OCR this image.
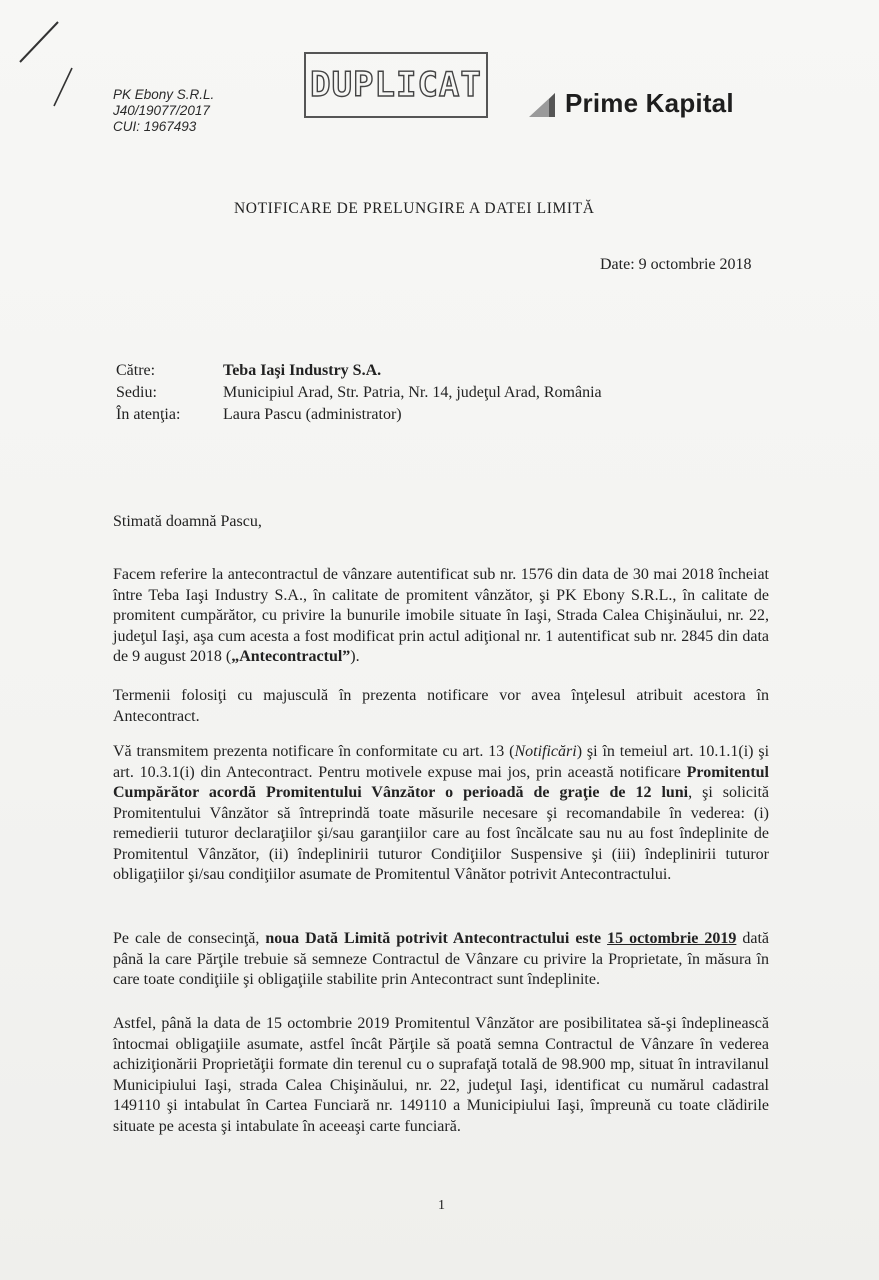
PK Ebony S.R.L.
J40/19077/2017
CUI: 1967493
DUPLICAT	Prime Kapital
NOTIFICARE DE PRELUNGIRE A DATEI LIMITĂ
Date: 9 octombrie 2018
Către:	Teba Iaşi Industry S.A.
Sediu:	Municipiul Arad, Str. Patria, Nr. 14, judeţul Arad, România
În atenţia:	Laura Pascu (administrator)
Stimată doamnă Pascu,
Facem referire la antecontractul de vânzare autentificat sub nr. 1576 din data de 30 mai 2018 încheiat între Teba Iaşi Industry S.A., în calitate de promitent vânzător, şi PK Ebony S.R.L., în calitate de promitent cumpărător, cu privire la bunurile imobile situate în Iaşi, Strada Calea Chişinăului, nr. 22, judeţul Iaşi, aşa cum acesta a fost modificat prin actul adiţional nr. 1 autentificat sub nr. 2845 din data de 9 august 2018 („Antecontractul”).
Termenii folosiţi cu majusculă în prezenta notificare vor avea înţelesul atribuit acestora în Antecontract.
Vă transmitem prezenta notificare în conformitate cu art. 13 (Notificări) şi în temeiul art. 10.1.1(i) şi art. 10.3.1(i) din Antecontract. Pentru motivele expuse mai jos, prin această notificare Promitentul Cumpărător acordă Promitentului Vânzător o perioadă de graţie de 12 luni, şi solicită Promitentului Vânzător să întreprindă toate măsurile necesare şi recomandabile în vederea: (i) remedierii tuturor declaraţiilor şi/sau garanţiilor care au fost încălcate sau nu au fost îndeplinite de Promitentul Vânzător, (ii) îndeplinirii tuturor Condiţiilor Suspensive şi (iii) îndeplinirii tuturor obligaţiilor şi/sau condiţiilor asumate de Promitentul Vânător potrivit Antecontractului.
Pe cale de consecinţă, noua Dată Limită potrivit Antecontractului este 15 octombrie 2019 dată până la care Părţile trebuie să semneze Contractul de Vânzare cu privire la Proprietate, în măsura în care toate condiţiile şi obligaţiile stabilite prin Antecontract sunt îndeplinite.
Astfel, până la data de 15 octombrie 2019 Promitentul Vânzător are posibilitatea să-şi îndeplinească întocmai obligaţiile asumate, astfel încât Părţile să poată semna Contractul de Vânzare în vederea achiziţionării Proprietăţii formate din terenul cu o suprafaţă totală de 98.900 mp, situat în intravilanul Municipiului Iaşi, strada Calea Chişinăului, nr. 22, judeţul Iaşi, identificat cu numărul cadastral 149110 şi intabulat în Cartea Funciară nr. 149110 a Municipiului Iaşi, împreună cu toate clădirile situate pe acesta şi intabulate în aceeaşi carte funciară.
1
